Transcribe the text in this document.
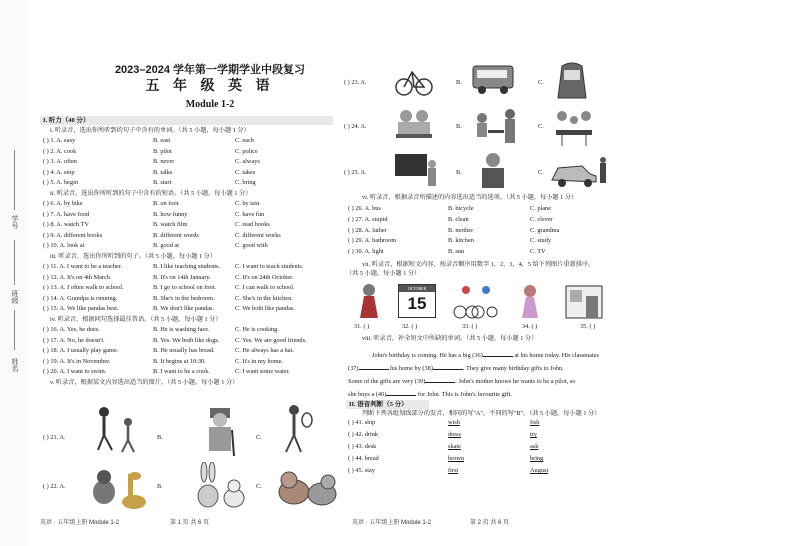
学号
班级
姓名
2023–2024 学年第一学期学业中段复习
五 年 级 英 语
Module 1-2
I. 听力（40 分）
i. 听录音，选出你所听到的句子中含有的单词。（共 5 小题，每小题 1 分）
( ) 1. A. easy	B. east	C. each
( ) 2. A. cook	B. pilot	C. police
( ) 3. A. often	B. never	C. always
( ) 4. A. stop	B. talks	C. takes
( ) 5. A. begin	B. start	C. bring
ii. 听录音，选出你所听到的句子中含有的短语。（共 5 小题，每小题 1 分）
( ) 6. A. by bike	B. on foot	C. by taxi
( ) 7. A. have food	B. how funny	C. have fun
( ) 8. A. watch TV	B. watch film	C. read books
( ) 9. A. different books	B. different words	C. different works
( ) 10. A. look at	B. good at	C. good with
iii. 听录音，选出你所听到的句子。（共 5 小题，每小题 1 分）
( ) 11. A. I want to be a teacher.	B. I like teaching students. C. I want to teach students.
( ) 12. A. It's on 4th March	B. It's on 14th January.	C. It's on 24th October.
( ) 13. A. I often walk to school.	B. I go to school on foot.	C. I can walk to school.
( ) 14. A. Grandpa is running.	B. She's in the bedroom.	C. She's in the kitchen.
( ) 15. A. We like pandas best.	B. We don't like pandas.	C. We both like pandas.
iv. 听录音，根据问句选择最佳答语。（共 5 小题，每小题 1 分）
( ) 16. A. Yes, he does.	B. He is washing face.	C. He is cooking.
( ) 17. A. No, he doesn't.	B. Yes. We both like dogs. C. Yes. We are good friends.
( ) 18. A. I usually play game.	B. He usually has bread.	C. He always has a hat.
( ) 19. A. It's in November.	B. It begins at 10:30.	C. It's in my home.
( ) 20. A. I want to swim.	B. I want to be a cook.	C. I want some water.
v. 听录音，根据某文内容选出适当的图片。（共 5 小题，每小题 1 分）
( ) 21. A.	B.	C.
( ) 22. A.	B.	C.
英语 · 五年级上册 Module 1-2	第 1 页 共 6 页
( ) 23. A.	B.	C.
( ) 24. A.	B.	C.
( ) 25. A.	B.	C.
vi. 听录音，根据录音所描述的内容选出适当的选项。（共 5 小题，每小题 1 分）
( ) 26. A. bus	B. bicycle	C. plane
( ) 27. A. stupid	B. clean	C. clever
( ) 28. A. father	B. mother	C. grandma
( ) 29. A. bathroom	B. kitchen	C. study
( ) 30. A. light	B. sun	C. TV
vii. 听录音，根据短文内容，按录音顺序用数字 1，2，3，4，5 给下列图片重新排序。
（共 5 小题，每小题 1 分）
OCTOBER
15
31. ( )	32. ( )	33. ( )	34. ( )	35. ( )
viii. 听录音，补全短文中所缺的单词。（共 5 小题，每小题 1 分）
John's birthday is coming. He has a big (36)	at his home today. His classmates
(37)	his home by (38)	. They give many birthday gifts to John.
Some of the gifts are very (39)	. John's mother knows he wants to be a pilot, so
she buys a (40)	for John. This is John's favourite gift.
II. 语音判断（5 分）
判断下列各组划线部分的发音，相同的写"A"，不同的写"B"。（共 5 小题，每小题 1 分）
( ) 41. ship	wish	fish
( ) 42. drink	dress	try
( ) 43. desk	skate	ask
( ) 44. bread	brown	bring
( ) 45. stay	first	August
英语 · 五年级上册 Module 1-2	第 2 页 共 6 页
